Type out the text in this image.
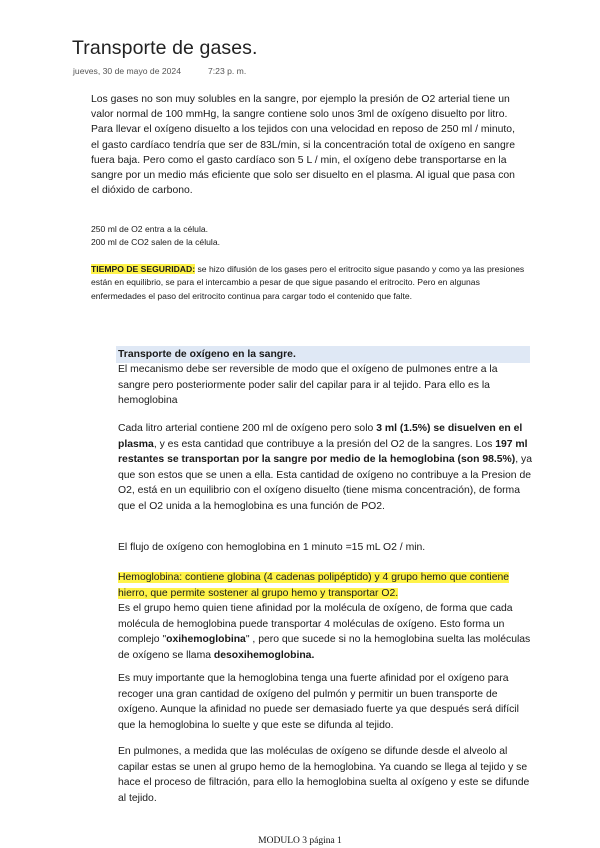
Transporte de gases.
jueves, 30 de mayo de 2024	7:23 p. m.
Los gases no son muy solubles en la sangre, por ejemplo la presión de O2 arterial tiene un valor normal de 100 mmHg, la sangre contiene solo unos 3ml de oxígeno disuelto por litro.
Para llevar el oxígeno disuelto a los tejidos con una velocidad en reposo de 250 ml / minuto, el gasto cardíaco tendría que ser de 83L/min, si la concentración total de oxígeno en sangre fuera baja. Pero como el gasto cardíaco son 5 L / min, el oxígeno debe transportarse en la sangre por un medio más eficiente que solo ser disuelto en el plasma. Al igual que pasa con el dióxido de carbono.
250 ml de O2 entra a la célula.
200 ml de CO2 salen de la célula.
TIEMPO DE SEGURIDAD: se hizo difusión de los gases pero el eritrocito sigue pasando y como ya las presiones están en equilibrio, se para el intercambio a pesar de que sigue pasando el eritrocito. Pero en algunas enfermedades el paso del eritrocito continua para cargar todo el contenido que falte.
Transporte de oxígeno en la sangre.
El mecanismo debe ser reversible de modo que el oxígeno de pulmones entre a la sangre pero posteriormente poder salir del capilar para ir al tejido. Para ello es la hemoglobina
Cada litro arterial contiene 200 ml de oxígeno pero solo 3 ml (1.5%) se disuelven en el plasma, y es esta cantidad que contribuye a la presión del O2 de la sangres. Los 197 ml restantes se transportan por la sangre por medio de la hemoglobina (son 98.5%), ya que son estos que se unen a ella. Esta cantidad de oxígeno no contribuye a la Presion de O2, está en un equilibrio con el oxígeno disuelto (tiene misma concentración), de forma que el O2 unida a la hemoglobina es una función de PO2.
El flujo de oxígeno con hemoglobina en 1 minuto =15 mL O2 / min.
Hemoglobina: contiene globina (4 cadenas polipéptido) y 4 grupo hemo que contiene hierro, que permite sostener al grupo hemo y transportar O2.
Es el grupo hemo quien tiene afinidad por la molécula de oxígeno, de forma que cada molécula de hemoglobina puede transportar 4 moléculas de oxígeno. Esto forma un complejo "oxihemoglobina" , pero que sucede si no la hemoglobina suelta las moléculas de oxígeno se llama desoxihemoglobina.
Es muy importante que la hemoglobina tenga una fuerte afinidad por el oxígeno para recoger una gran cantidad de oxígeno del pulmón y permitir un buen transporte de oxígeno. Aunque la afinidad no puede ser demasiado fuerte ya que después será difícil que la hemoglobina lo suelte y que este se difunda al tejido.
En pulmones, a medida que las moléculas de oxígeno se difunde desde el alveolo al capilar estas se unen al grupo hemo de la hemoglobina. Ya cuando se llega al tejido y se hace el proceso de filtración, para ello la hemoglobina suelta al oxígeno y este se difunde al tejido.
MODULO 3 página 1
